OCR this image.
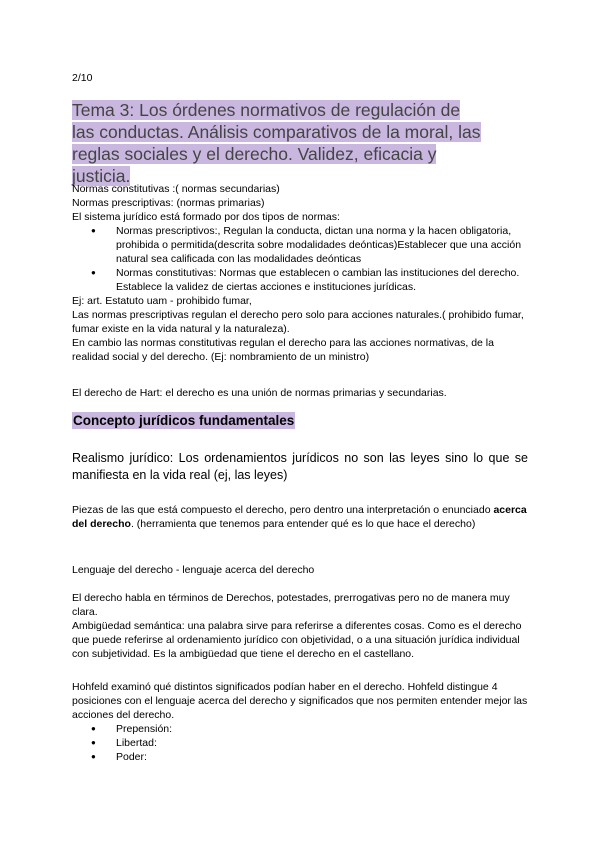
2/10

Tema 3: Los órdenes normativos de regulación de las conductas. Análisis comparativos de la moral, las reglas sociales y el derecho. Validez, eficacia y justicia.

Normas constitutivas :( normas secundarias)

Normas prescriptivas: (normas primarias)

El sistema jurídico está formado por dos tipos de normas:

● Normas prescriptivos:, Regulan la conducta, dictan una norma y la hacen obligatoria, prohibida o permitida(descrita sobre modalidades deónticas)Establecer que una acción natural sea calificada con las modalidades deónticas
● Normas constitutivas: Normas que establecen o cambian las instituciones del derecho. Establece la validez de ciertas acciones e instituciones jurídicas.

Ej: art. Estatuto uam - prohibido fumar,

Las normas prescriptivas regulan el derecho pero solo para acciones naturales.( prohibido fumar, fumar existe en la vida natural y la naturaleza).

En cambio las normas constitutivas regulan el derecho para las acciones normativas, de la realidad social y del derecho. (Ej: nombramiento de un ministro)

El derecho de Hart: el derecho es una unión de normas primarias y secundarias.

Concepto jurídicos fundamentales

Realismo jurídico: Los ordenamientos jurídicos no son las leyes sino lo que se manifiesta en la vida real (ej, las leyes)

Piezas de las que está compuesto el derecho, pero dentro una interpretación o enunciado acerca del derecho. (herramienta que tenemos para entender qué es lo que hace el derecho)

Lenguaje del derecho - lenguaje acerca del derecho

El derecho habla en términos de Derechos, potestades, prerrogativas pero no de manera muy clara.

Ambigüedad semántica: una palabra sirve para referirse a diferentes cosas. Como es el derecho que puede referirse al ordenamiento jurídico con objetividad, o a una situación jurídica individual con subjetividad. Es la ambigüedad que tiene el derecho en el castellano.

Hohfeld examinó qué distintos significados podían haber en el derecho. Hohfeld distingue 4 posiciones con el lenguaje acerca del derecho y significados que nos permiten entender mejor las acciones del derecho.

● Prepensión:
● Libertad:
● Poder:
